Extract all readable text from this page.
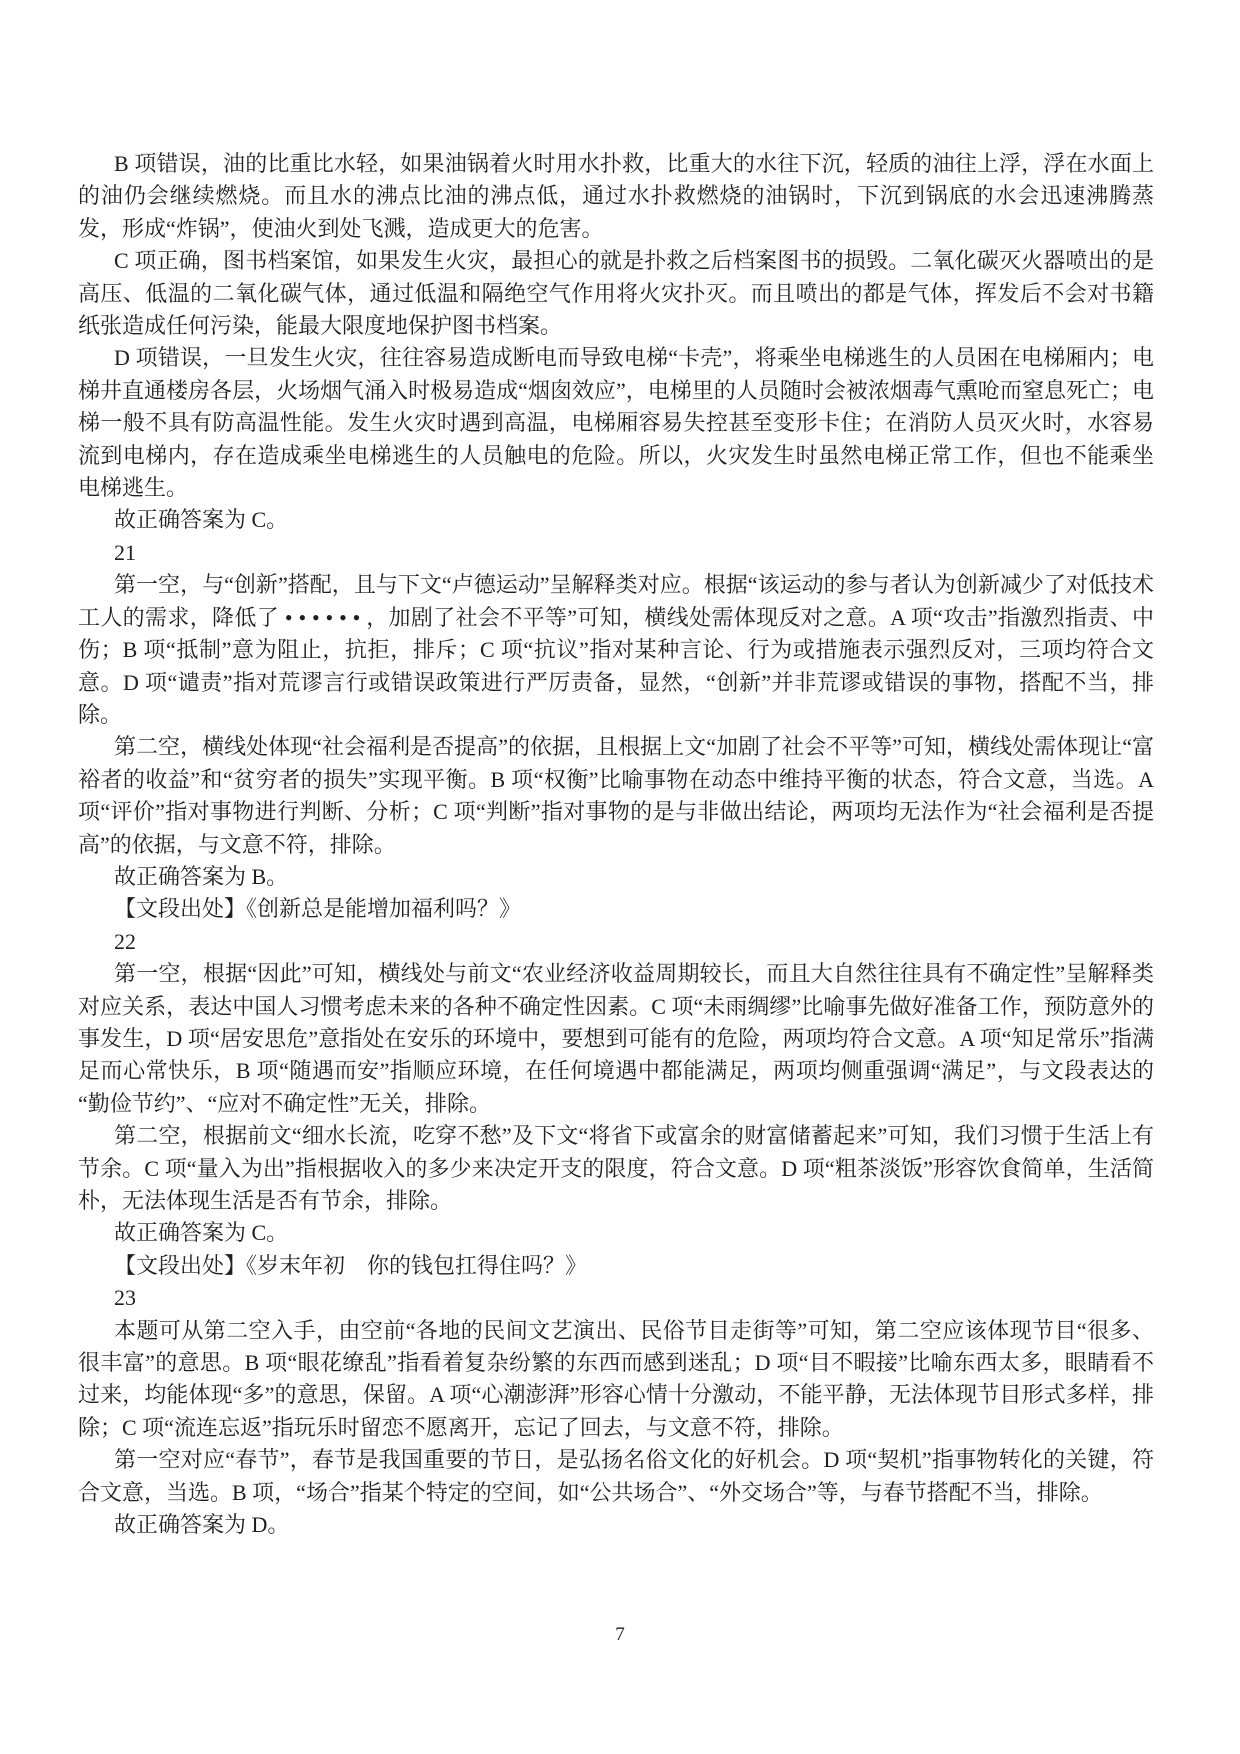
B 项错误，油的比重比水轻，如果油锅着火时用水扑救，比重大的水往下沉，轻质的油往上浮，浮在水面上的油仍会继续燃烧。而且水的沸点比油的沸点低，通过水扑救燃烧的油锅时，下沉到锅底的水会迅速沸腾蒸发，形成“炸锅”，使油火到处飞溅，造成更大的危害。

C 项正确，图书档案馆，如果发生火灾，最担心的就是扑救之后档案图书的损毁。二氧化碳灭火器喷出的是高压、低温的二氧化碳气体，通过低温和隔绝空气作用将火灾扑灭。而且喷出的都是气体，挥发后不会对书籍纸张造成任何污染，能最大限度地保护图书档案。

D 项错误，一旦发生火灾，往往容易造成断电而导致电梯“卡壳”，将乘坐电梯逃生的人员困在电梯厢内；电梯井直通楼房各层，火场烟气涌入时极易造成“烟囱效应”，电梯里的人员随时会被浓烟毒气熏呛而窒息死亡；电梯一般不具有防高温性能。发生火灾时遇到高温，电梯厢容易失控甚至变形卡住；在消防人员灭火时，水容易流到电梯内，存在造成乘坐电梯逃生的人员触电的危险。所以，火灾发生时虽然电梯正常工作，但也不能乘坐电梯逃生。

故正确答案为 C。

21

第一空，与“创新”搭配，且与下文“卢德运动”呈解释类对应。根据“该运动的参与者认为创新减少了对低技术工人的需求，降低了 • • • • • • ，加剧了社会不平等”可知，横线处需体现反对之意。A 项“攻击”指激烈指责、中伤；B 项“抵制”意为阻止，抗拒，排斥；C 项“抗议”指对某种言论、行为或措施表示强烈反对，三项均符合文意。D 项“谴责”指对荒谬言行或错误政策进行严厉责备，显然，“创新”并非荒谬或错误的事物，搭配不当，排除。

第二空，横线处体现“社会福利是否提高”的依据，且根据上文“加剧了社会不平等”可知，横线处需体现让“富裕者的收益”和“贫穷者的损失”实现平衡。B 项“权衡”比喻事物在动态中维持平衡的状态，符合文意，当选。A 项“评价”指对事物进行判断、分析；C 项“判断”指对事物的是与非做出结论，两项均无法作为“社会福利是否提高”的依据，与文意不符，排除。

故正确答案为 B。

【文段出处】《创新总是能增加福利吗？》

22

第一空，根据“因此”可知，横线处与前文“农业经济收益周期较长，而且大自然往往具有不确定性”呈解释类对应关系，表达中国人习惯考虑未来的各种不确定性因素。C 项“未雨绸缪”比喻事先做好准备工作，预防意外的事发生，D 项“居安思危”意指处在安乐的环境中，要想到可能有的危险，两项均符合文意。A 项“知足常乐”指满足而心常快乐，B 项“随遇而安”指顺应环境，在任何境遇中都能满足，两项均侧重强调“满足”，与文段表达的“勤俭节约”、“应对不确定性”无关，排除。

第二空，根据前文“细水长流，吃穿不愁”及下文“将省下或富余的财富储蓄起来”可知，我们习惯于生活上有节余。C 项“量入为出”指根据收入的多少来决定开支的限度，符合文意。D 项“粗茶淡饭”形容饮食简单，生活简朴，无法体现生活是否有节余，排除。

故正确答案为 C。

【文段出处】《岁末年初　你的钱包扛得住吗？》

23

本题可从第二空入手，由空前“各地的民间文艺演出、民俗节目走街等”可知，第二空应该体现节目“很多、很丰富”的意思。B 项“眼花缭乱”指看着复杂纷繁的东西而感到迷乱；D 项“目不暇接”比喻东西太多，眼睛看不过来，均能体现“多”的意思，保留。A 项“心潮澎湃”形容心情十分激动，不能平静，无法体现节目形式多样，排除；C 项“流连忘返”指玩乐时留恋不愿离开，忘记了回去，与文意不符，排除。

第一空对应“春节”，春节是我国重要的节日，是弘扬名俗文化的好机会。D 项“契机”指事物转化的关键，符合文意，当选。B 项，“场合”指某个特定的空间，如“公共场合”、“外交场合”等，与春节搭配不当，排除。

故正确答案为 D。

7
